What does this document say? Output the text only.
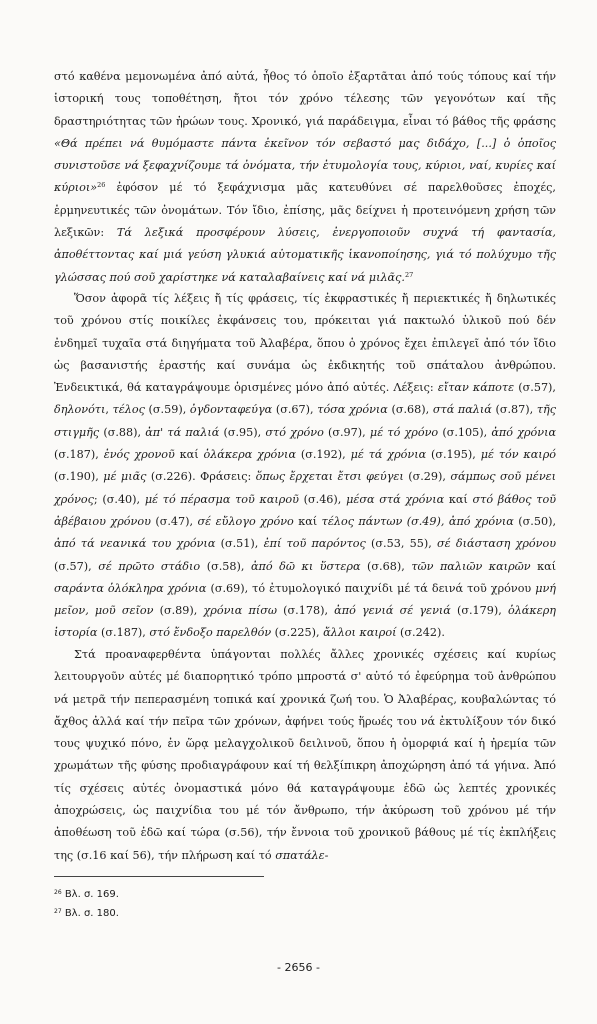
στό καθένα μεμονωμένα ἀπό αὐτά, ἦθος τό ὁποῖο ἐξαρτᾶται ἀπό τούς τόπους καί τήν ἱστορική τους τοποθέτηση, ἤτοι τόν χρόνο τέλεσης τῶν γεγονότων καί τῆς δραστηριότητας τῶν ἡρώων τους. Χρονικό, γιά παράδειγμα, εἶναι τό βάθος τῆς φράσης «Θά πρέπει νά θυμόμαστε πάντα ἐκεῖνον τόν σεβαστό μας διδάχο, [...] ὁ ὁποῖος συνιστοῦσε νά ξεφαχνίζουμε τά ὀνόματα, τήν ἐτυμολογία τους, κύριοι, ναί, κυρίες καί κύριοι»$^{26}$ ἐφόσον μέ τό ξεφάχνισμα μᾶς κατευθύνει σέ παρελθοῦσες ἐποχές, ἑρμηνευτικές τῶν ὀνομάτων. Τόν ἴδιο, ἐπίσης, μᾶς δείχνει ἡ προτεινόμενη χρήση τῶν λεξικῶν: Τά λεξικά προσφέρουν λύσεις, ἐνεργοποιοῦν συχνά τή φαντασία, ἀποθέττοντας καί μιά γεύση γλυκιά αὐτοματικῆς ἱκανοποίησης, γιά τό πολύχυμο τῆς γλώσσας πού σοῦ χαρίστηκε νά καταλαβαίνεις καί νά μιλᾶς.$^{27}$

Ὅσον ἀφορᾶ τίς λέξεις ἤ τίς φράσεις, τίς ἐκφραστικές ἤ περιεκτικές ἤ δηλωτικές τοῦ χρόνου στίς ποικίλες ἐκφάνσεις του, πρόκειται γιά πακτωλό ὑλικοῦ πού δέν ἐνδημεῖ τυχαῖα στά διηγήματα τοῦ Ἀλαβέρα, ὅπου ὁ χρόνος ἔχει ἐπιλεγεῖ ἀπό τόν ἴδιο ὡς βασανιστής ἐραστής καί συνάμα ὡς ἐκδικητής τοῦ σπάταλου ἀνθρώπου. Ἐνδεικτικά, θά καταγράψουμε ὁρισμένες μόνο ἀπό αὐτές. Λέξεις: εἴταν κάποτε (σ.57), δηλονότι, τέλος (σ.59), ὀγδονταφεύγα (σ.67), τόσα χρόνια (σ.68), στά παλιά (σ.87), τῆς στιγμῆς (σ.88), ἀπ' τά παλιά (σ.95), στό χρόνο (σ.97), μέ τό χρόνο (σ.105), ἀπό χρόνια (σ.187), ἑνός χρονοῦ καί ὁλάκερα χρόνια (σ.192), μέ τά χρόνια (σ.195), μέ τόν καιρό (σ.190), μέ μιᾶς (σ.226). Φράσεις: ὅπως ἔρχεται ἔτσι φεύγει (σ.29), σάμπως σοῦ μένει χρόνος; (σ.40), μέ τό πέρασμα τοῦ καιροῦ (σ.46), μέσα στά χρόνια καί στό βάθος τοῦ ἀβέβαιου χρόνου (σ.47), σέ εὔλογο χρόνο καί τέλος πάντων (σ.49), ἀπό χρόνια (σ.50), ἀπό τά νεανικά του χρόνια (σ.51), ἐπί τοῦ παρόντος (σ.53, 55), σέ διάσταση χρόνου (σ.57), σέ πρῶτο στάδιο (σ.58), ἀπό δῶ κι ὕστερα (σ.68), τῶν παλιῶν καιρῶν καί σαράντα ὁλόκληρα χρόνια (σ.69), τό ἐτυμολογικό παιχνίδι μέ τά δεινά τοῦ χρόνου μνή μεῖον, μοῦ σεῖον (σ.89), χρόνια πίσω (σ.178), ἀπό γενιά σέ γενιά (σ.179), ὁλάκερη ἱστορία (σ.187), στό ἔνδοξο παρελθόν (σ.225), ἄλλοι καιροί (σ.242).

Στά προαναφερθέντα ὑπάγονται πολλές ἄλλες χρονικές σχέσεις καί κυρίως λειτουργοῦν αὐτές μέ διαπορητικό τρόπο μπροστά σ' αὐτό τό ἐφεύρημα τοῦ ἀνθρώπου νά μετρᾶ τήν πεπερασμένη τοπικά καί χρονικά ζωή του. Ὁ Ἀλαβέρας, κουβαλώντας τό ἄχθος ἀλλά καί τήν πεῖρα τῶν χρόνων, ἀφήνει τούς ἥρωές του νά ἐκτυλίξουν τόν δικό τους ψυχικό πόνο, ἐν ὥρᾳ μελαγχολικοῦ δειλινοῦ, ὅπου ἡ ὀμορφιά καί ἡ ἠρεμία τῶν χρωμάτων τῆς φύσης προδιαγράφουν καί τή θελξίπικρη ἀποχώρηση ἀπό τά γήινα. Ἀπό τίς σχέσεις αὐτές ὀνομαστικά μόνο θά καταγράψουμε ἐδῶ ὡς λεπτές χρονικές ἀποχρώσεις, ὡς παιχνίδια του μέ τόν ἄνθρωπο, τήν ἀκύρωση τοῦ χρόνου μέ τήν ἀποθέωση τοῦ ἐδῶ καί τώρα (σ.56), τήν ἔννοια τοῦ χρονικοῦ βάθους μέ τίς ἐκπλήξεις της (σ.16 καί 56), τήν πλήρωση καί τό σπατάλε-

$^{26}$ Βλ. σ. 169.
$^{27}$ Βλ. σ. 180.
- 2656 -
